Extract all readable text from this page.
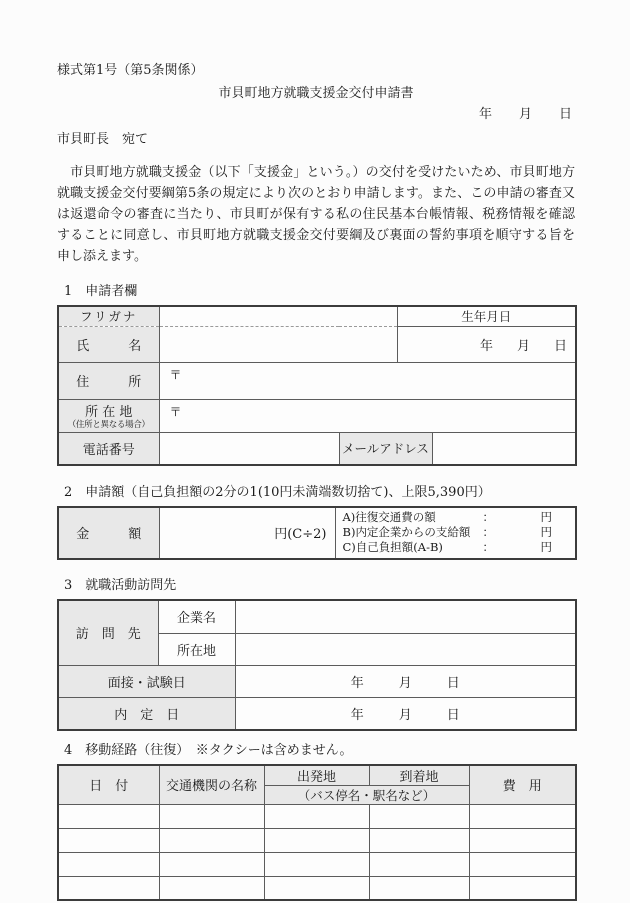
様式第1号（第5条関係）
市貝町地方就職支援金交付申請書
年 月 日
市貝町長　宛て

　市貝町地方就職支援金（以下「支援金」という。）の交付を受けたいため、市貝町地方就職支援金交付要綱第5条の規定により次のとおり申請します。また、この申請の審査又は返還命令の審査に当たり、市貝町が保有する私の住民基本台帳情報、税務情報を確認することに同意し、市貝町地方就職支援金交付要綱及び裏面の誓約事項を順守する旨を申し添えます。

1　申請者欄
フリガナ			生年月日	
氏　　　名			年 月 日	

住　　　所	〒			
所 在 地
（住所と異なる場合）	〒			
電話番号		メールアドレス		
2　申請額（自己負担額の2分の1(10円未満端数切捨て)、上限5,390円）
金　　　額	円(C÷2)	
A)往復交通費の額	：	円
B)内定企業からの支給額	：	円
C)自己負担額(A-B)	：	円
3　就職活動訪問先
訪　問　先	企業名	
	所在地	
面接・試験日		年 月 日

内　定　日		年 月 日
4　移動経路（往復）　※タクシーは含めません。
日　付	交通機関の名称	出発地	到着地	費　用
		（バス停名・駅名など）		
